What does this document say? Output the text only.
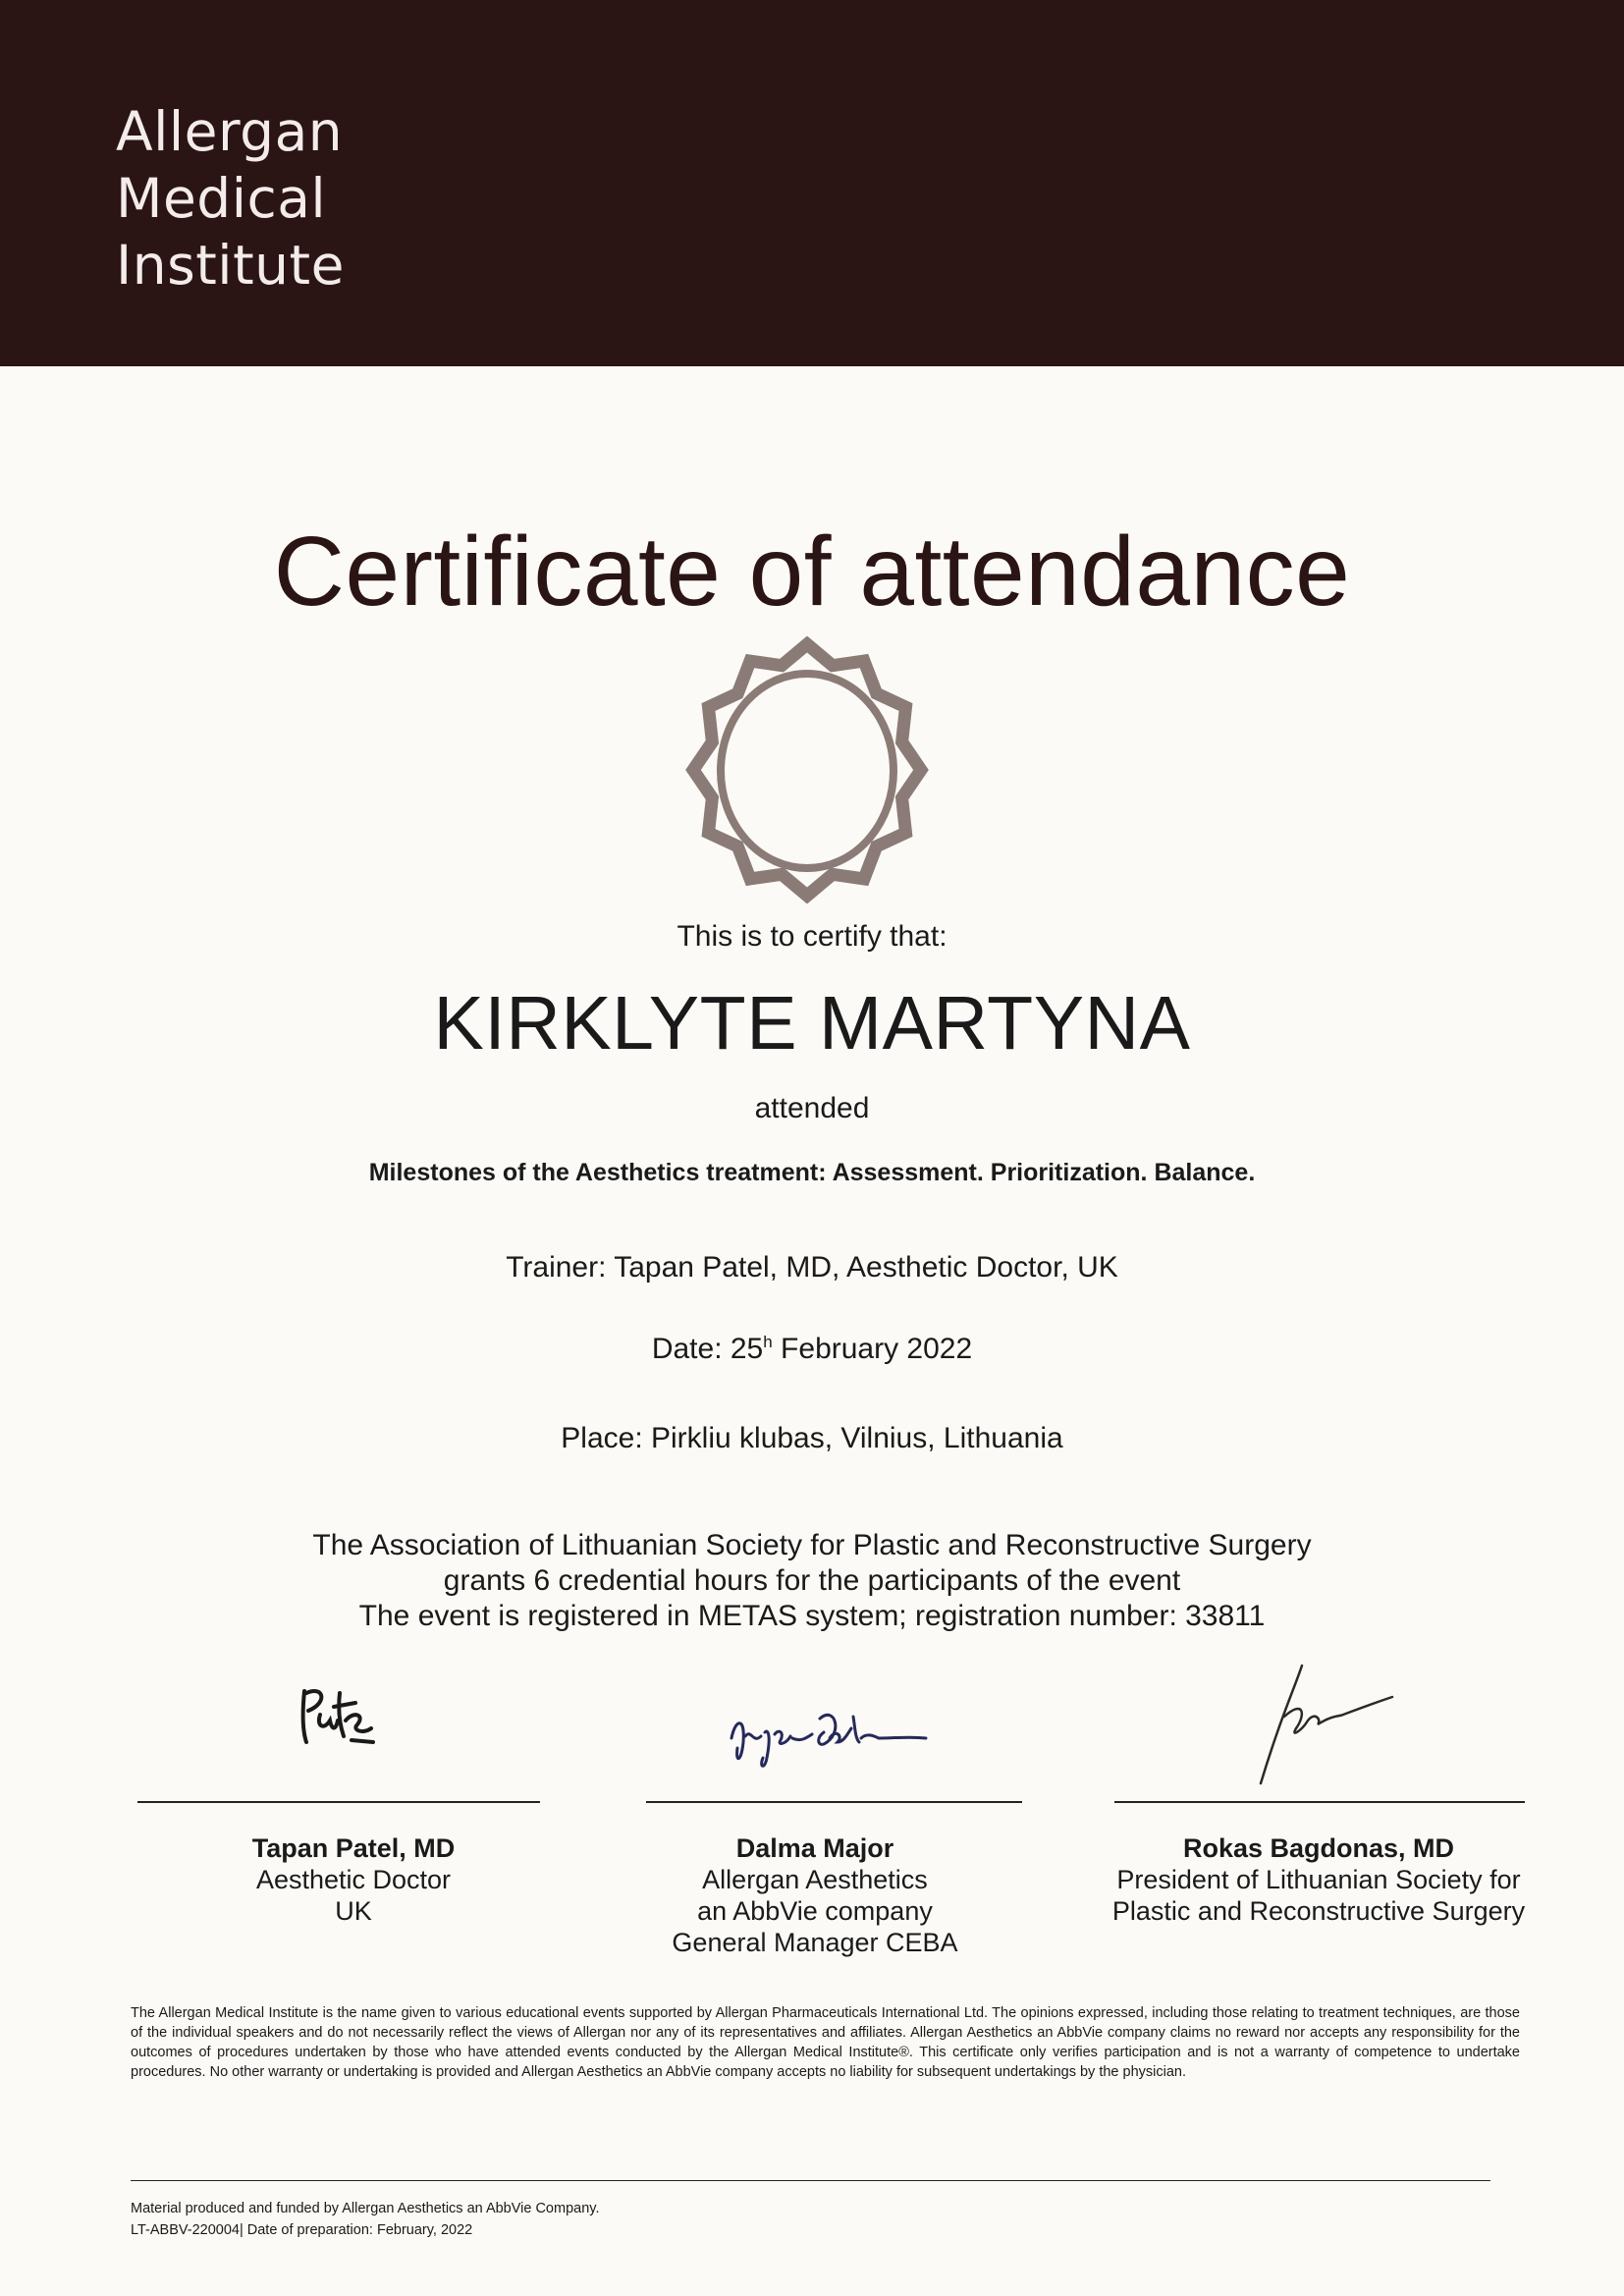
Allergan
Medical
Institute
Certificate of attendance
This is to certify that:
KIRKLYTE MARTYNA
attended
Milestones of the Aesthetics treatment: Assessment. Prioritization. Balance.
Trainer: Tapan Patel, MD, Aesthetic Doctor, UK
Date: 25$^h$ February 2022
Place: Pirkliu klubas, Vilnius, Lithuania
The Association of Lithuanian Society for Plastic and Reconstructive Surgery
grants 6 credential hours for the participants of the event
The event is registered in METAS system; registration number: 33811
Tapan Patel, MD
Aesthetic Doctor
UK
Dalma Major
Allergan Aesthetics
an AbbVie company
General Manager CEBA
Rokas Bagdonas, MD
President of Lithuanian Society for
Plastic and Reconstructive Surgery
The Allergan Medical Institute is the name given to various educational events supported by Allergan Pharmaceuticals International Ltd. The opinions expressed, including those relating to treatment techniques, are those of the individual speakers and do not necessarily reflect the views of Allergan nor any of its representatives and affiliates. Allergan Aesthetics an AbbVie company claims no reward nor accepts any responsibility for the outcomes of procedures undertaken by those who have attended events conducted by the Allergan Medical Institute®. This certificate only verifies participation and is not a warranty of competence to undertake procedures. No other warranty or undertaking is provided and Allergan Aesthetics an AbbVie company accepts no liability for subsequent undertakings by the physician.
Material produced and funded by Allergan Aesthetics an AbbVie Company.
LT-ABBV-220004| Date of preparation: February, 2022
